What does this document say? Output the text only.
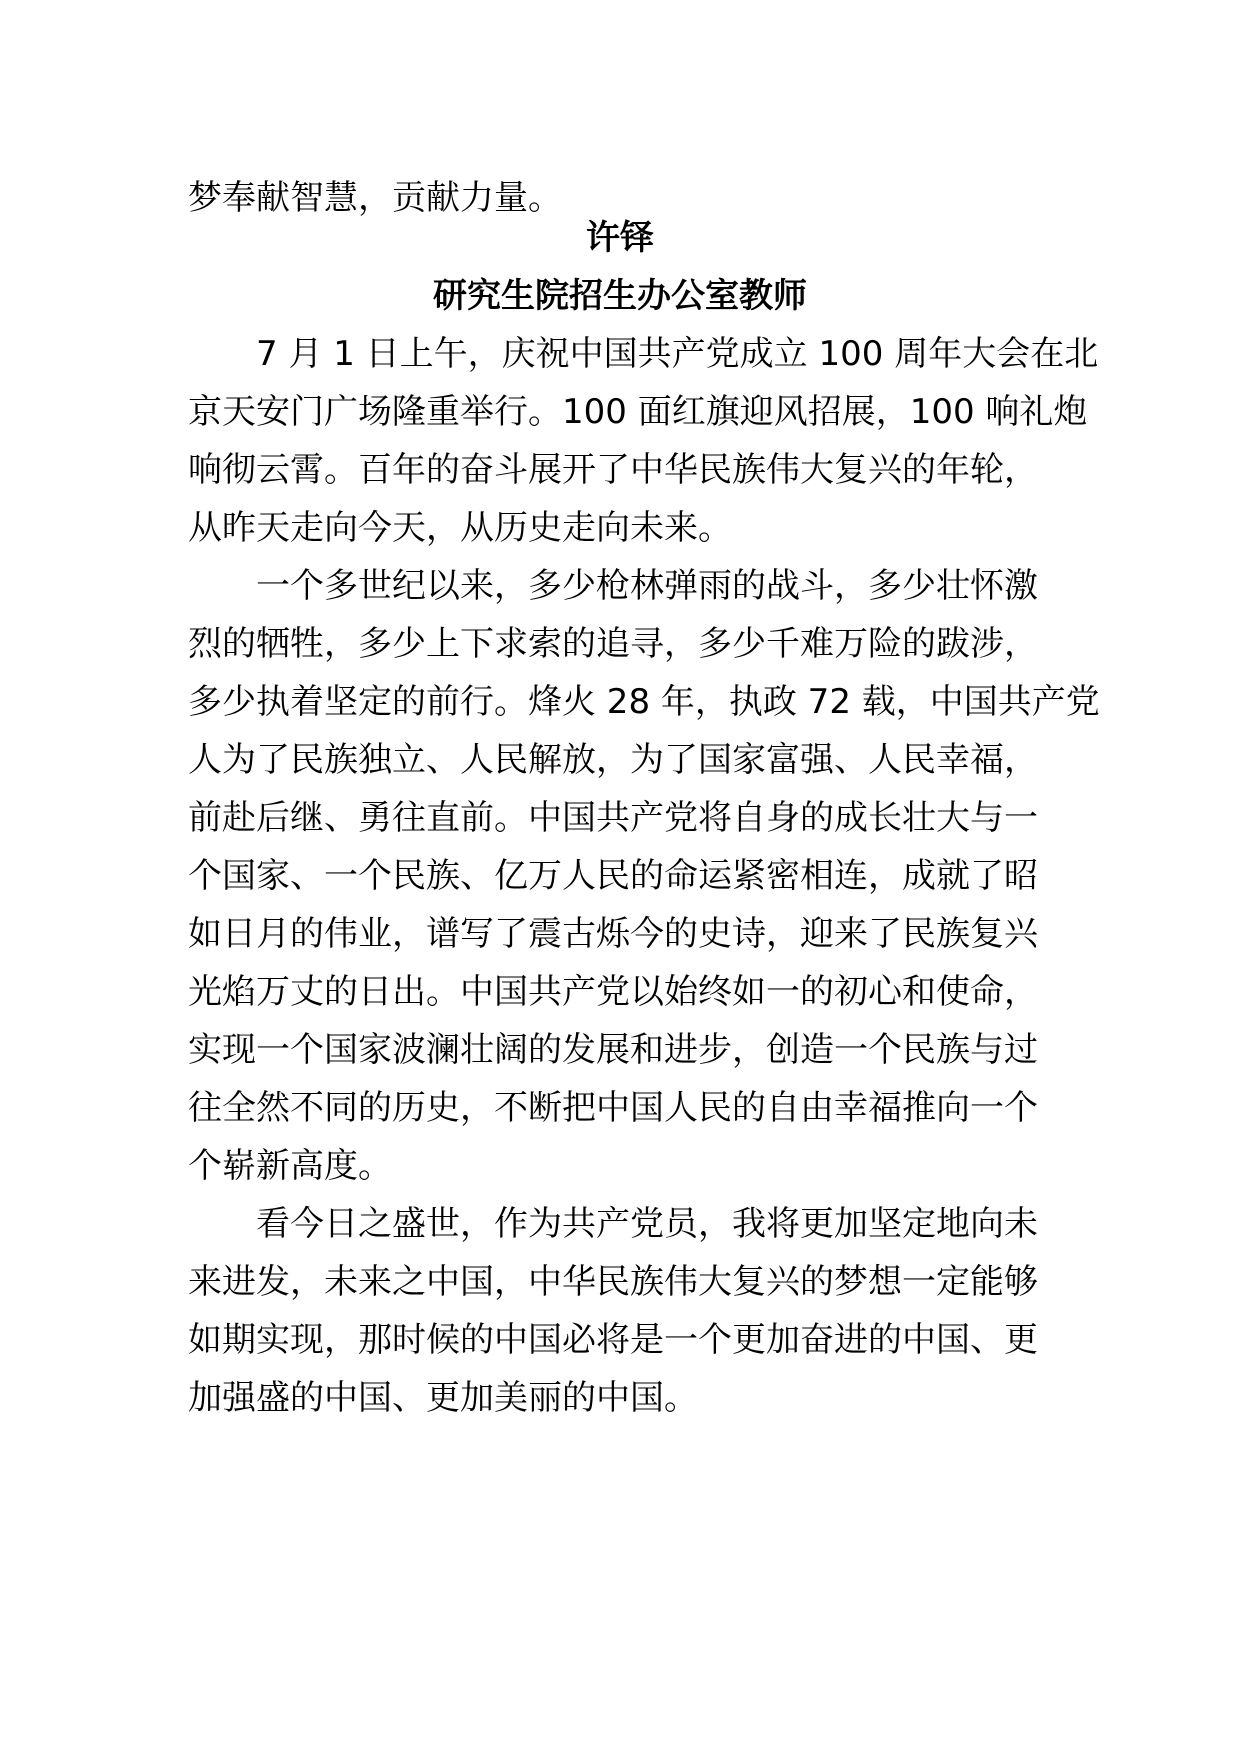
梦奉献智慧，贡献力量。
许铎
研究生院招生办公室教师
7 月 1 日上午，庆祝中国共产党成立 100 周年大会在北
京天安门广场隆重举行。100 面红旗迎风招展，100 响礼炮
响彻云霄。百年的奋斗展开了中华民族伟大复兴的年轮，
从昨天走向今天，从历史走向未来。
一个多世纪以来，多少枪林弹雨的战斗，多少壮怀激
烈的牺牲，多少上下求索的追寻，多少千难万险的跋涉，
多少执着坚定的前行。烽火 28 年，执政 72 载，中国共产党
人为了民族独立、人民解放，为了国家富强、人民幸福，
前赴后继、勇往直前。中国共产党将自身的成长壮大与一
个国家、一个民族、亿万人民的命运紧密相连，成就了昭
如日月的伟业，谱写了震古烁今的史诗，迎来了民族复兴
光焰万丈的日出。中国共产党以始终如一的初心和使命，
实现一个国家波澜壮阔的发展和进步，创造一个民族与过
往全然不同的历史，不断把中国人民的自由幸福推向一个
个崭新高度。
看今日之盛世，作为共产党员，我将更加坚定地向未
来进发，未来之中国，中华民族伟大复兴的梦想一定能够
如期实现，那时候的中国必将是一个更加奋进的中国、更
加强盛的中国、更加美丽的中国。
